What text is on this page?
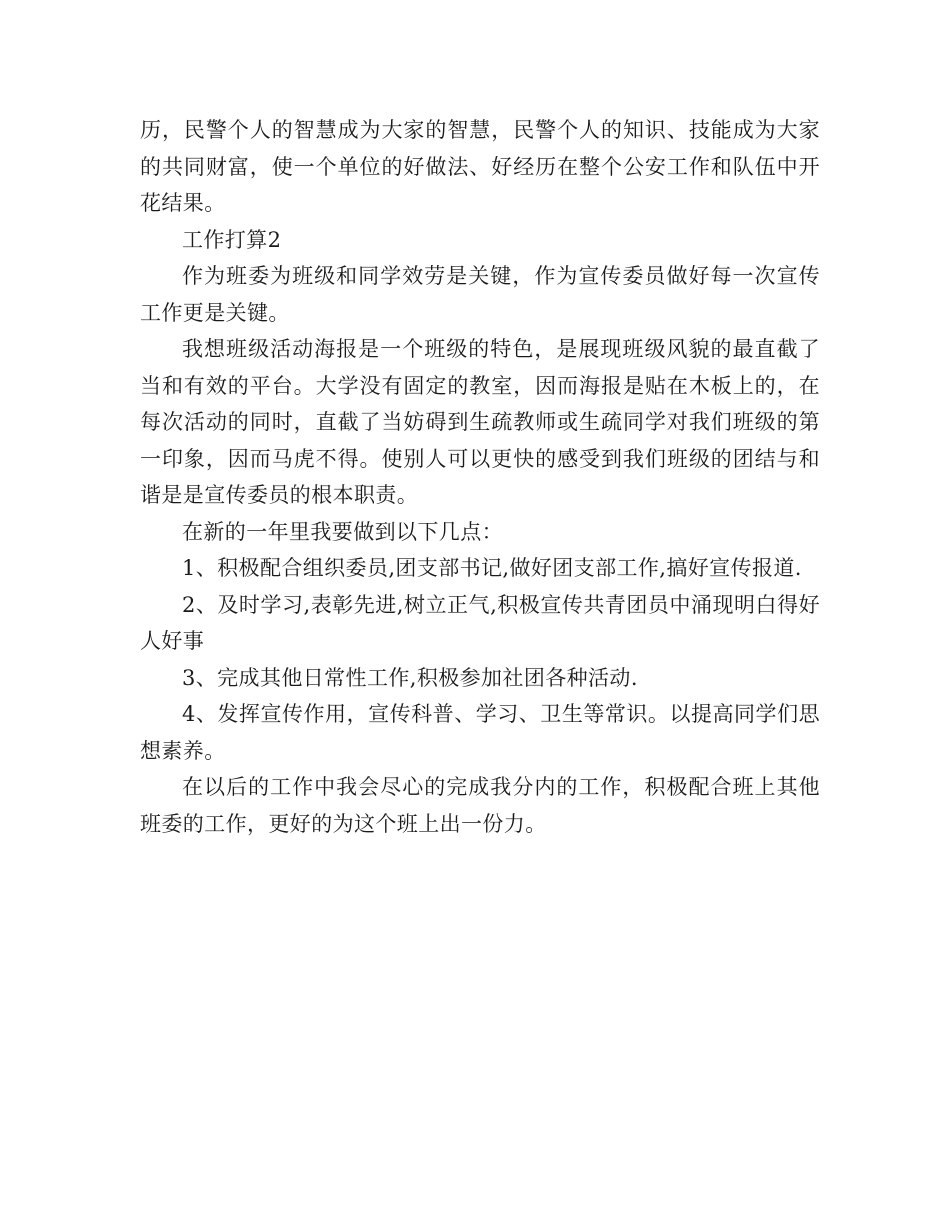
历，民警个人的智慧成为大家的智慧，民警个人的知识、技能成为大家的共同财富，使一个单位的好做法、好经历在整个公安工作和队伍中开花结果。

工作打算2

作为班委为班级和同学效劳是关键，作为宣传委员做好每一次宣传工作更是关键。

我想班级活动海报是一个班级的特色，是展现班级风貌的最直截了当和有效的平台。大学没有固定的教室，因而海报是贴在木板上的，在每次活动的同时，直截了当妨碍到生疏教师或生疏同学对我们班级的第一印象，因而马虎不得。使别人可以更快的感受到我们班级的团结与和谐是是宣传委员的根本职责。

在新的一年里我要做到以下几点：

1、积极配合组织委员,团支部书记,做好团支部工作,搞好宣传报道.

2、及时学习,表彰先进,树立正气,积极宣传共青团员中涌现明白得好人好事

3、完成其他日常性工作,积极参加社团各种活动.

4、发挥宣传作用，宣传科普、学习、卫生等常识。以提高同学们思想素养。

在以后的工作中我会尽心的完成我分内的工作，积极配合班上其他班委的工作，更好的为这个班上出一份力。
